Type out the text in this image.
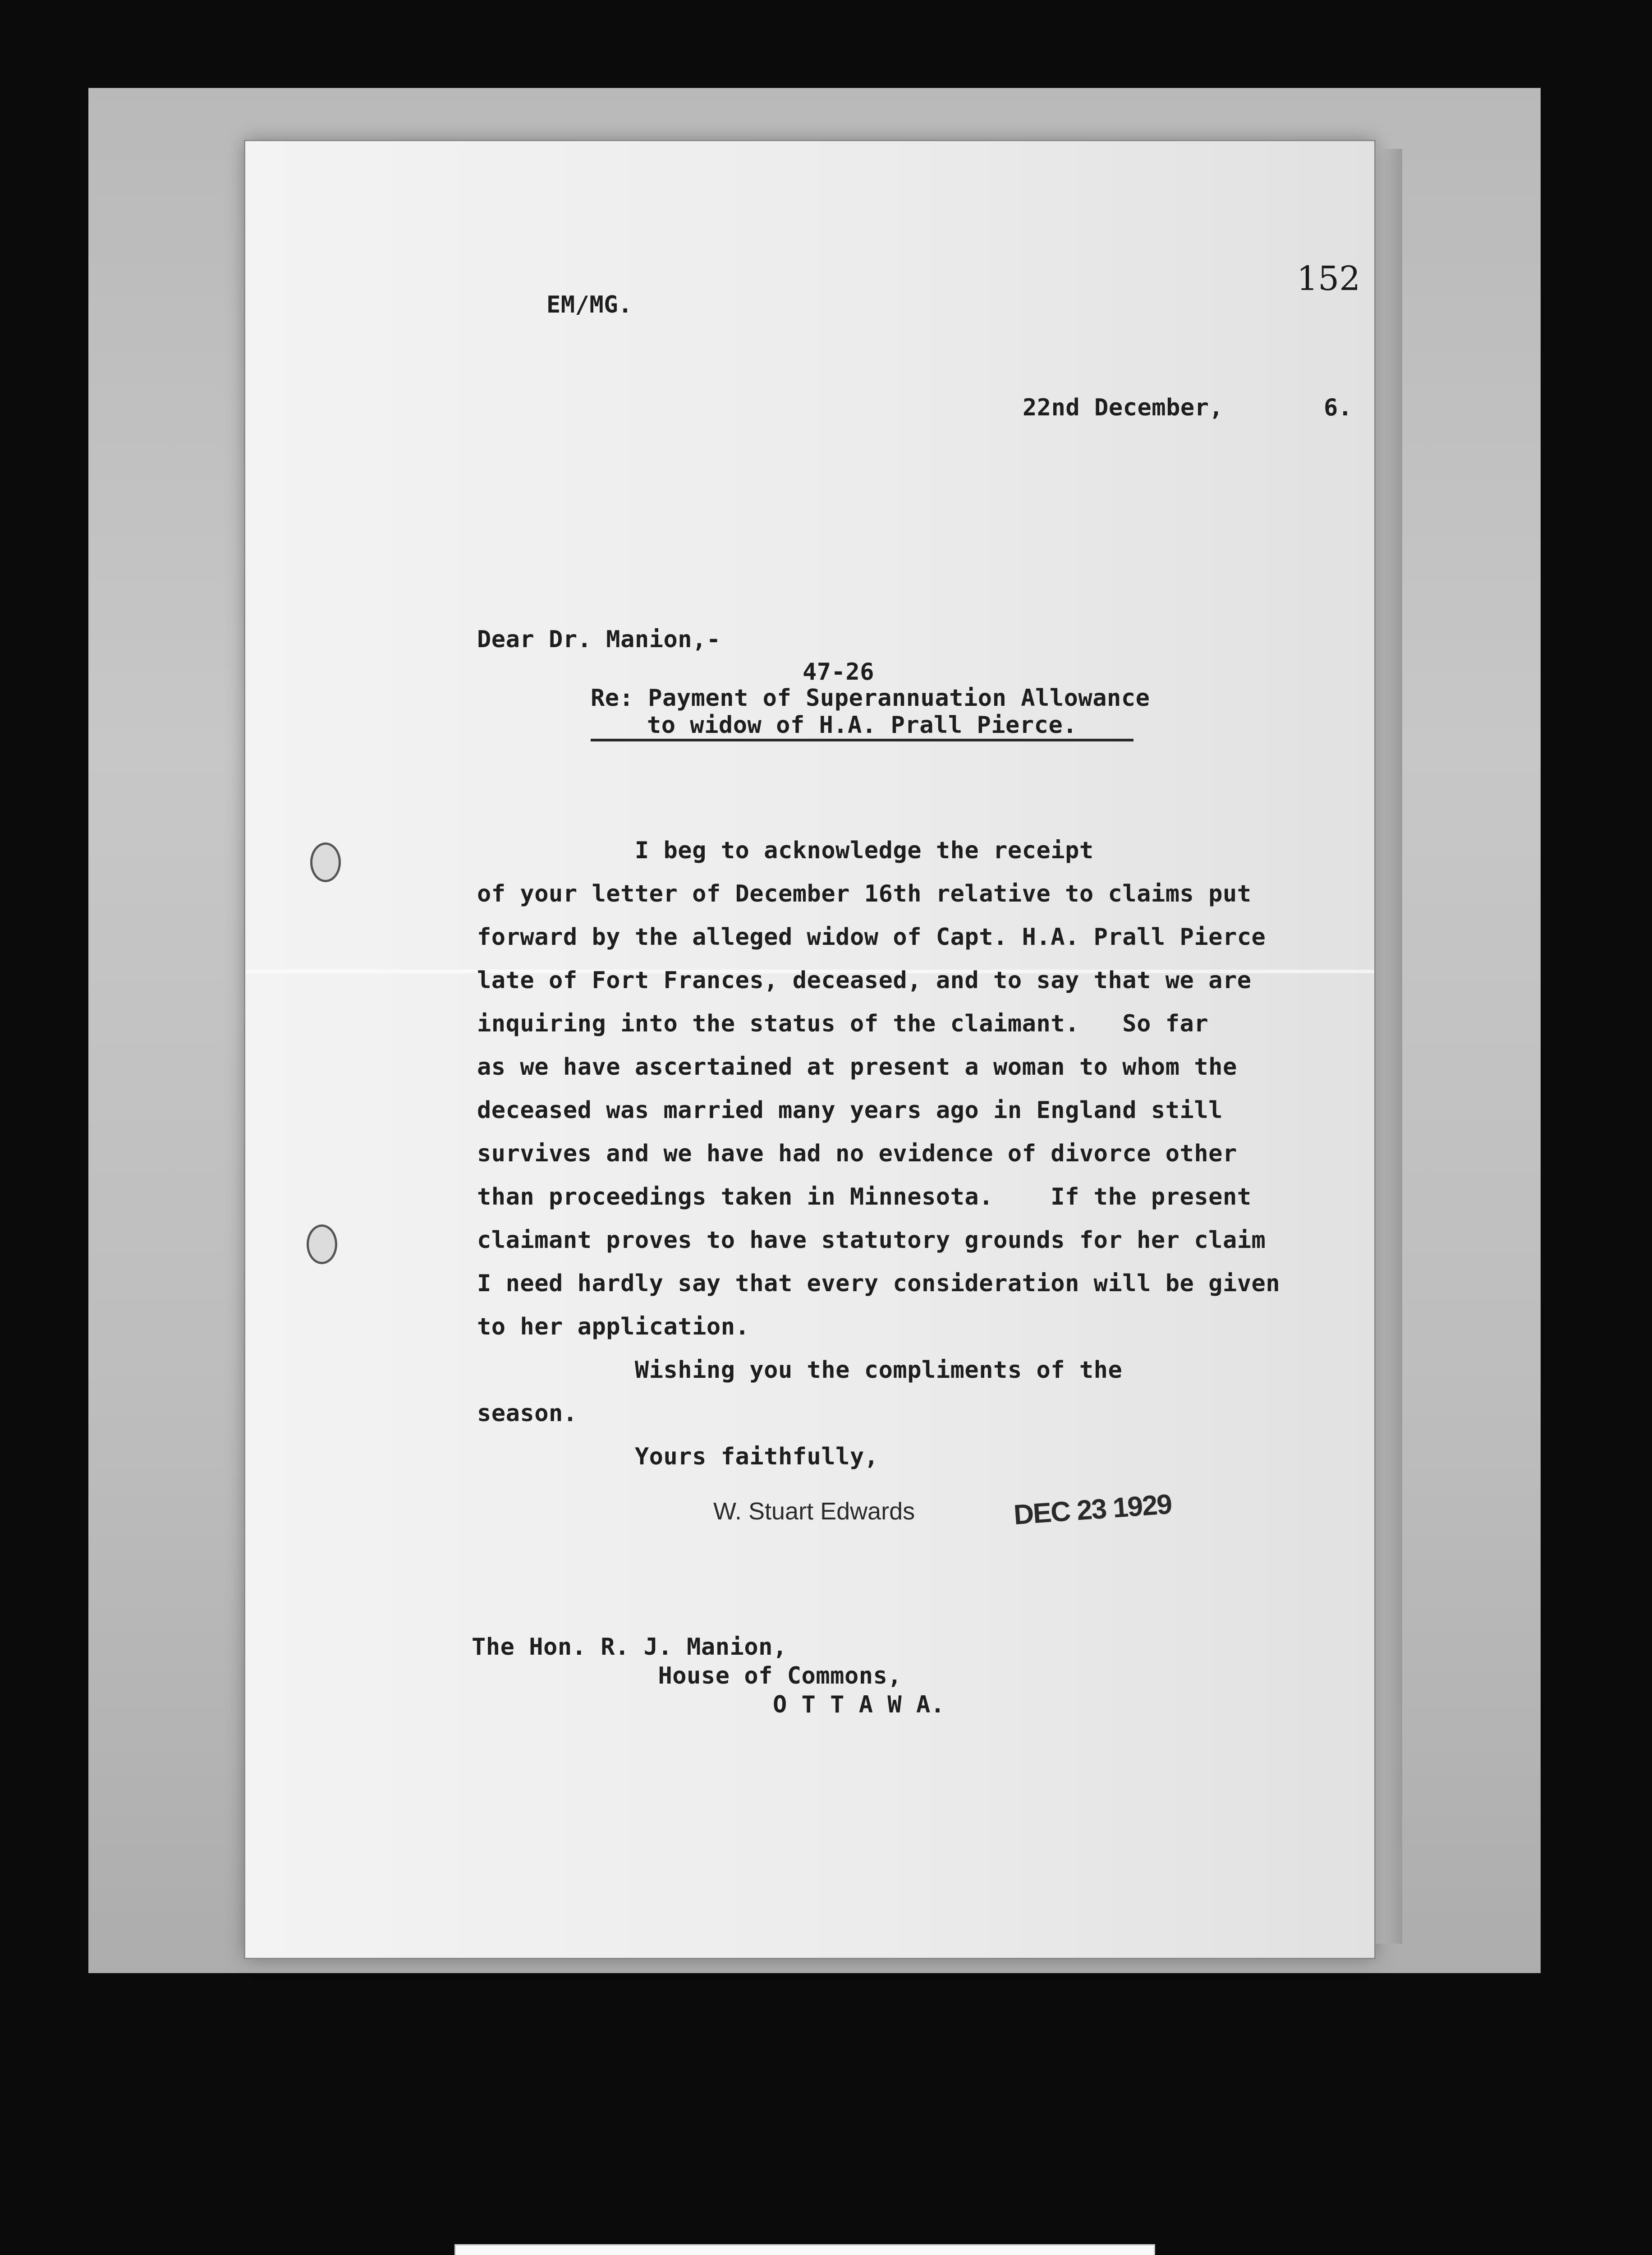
152
EM/MG.
22nd December,       6.
Dear Dr. Manion,-
47-26
Re: Payment of Superannuation Allowance
to widow of H.A. Prall Pierce.
I beg to acknowledge the receipt
of your letter of December 16th relative to claims put
forward by the alleged widow of Capt. H.A. Prall Pierce
late of Fort Frances, deceased, and to say that we are
inquiring into the status of the claimant.   So far
as we have ascertained at present a woman to whom the
deceased was married many years ago in England still
survives and we have had no evidence of divorce other
than proceedings taken in Minnesota.    If the present
claimant proves to have statutory grounds for her claim
I need hardly say that every consideration will be given
to her application.
Wishing you the compliments of the
season.
Yours faithfully,
W. Stuart Edwards	DEC 23 1929
The Hon. R. J. Manion,
House of Commons,
O T T A W A.
